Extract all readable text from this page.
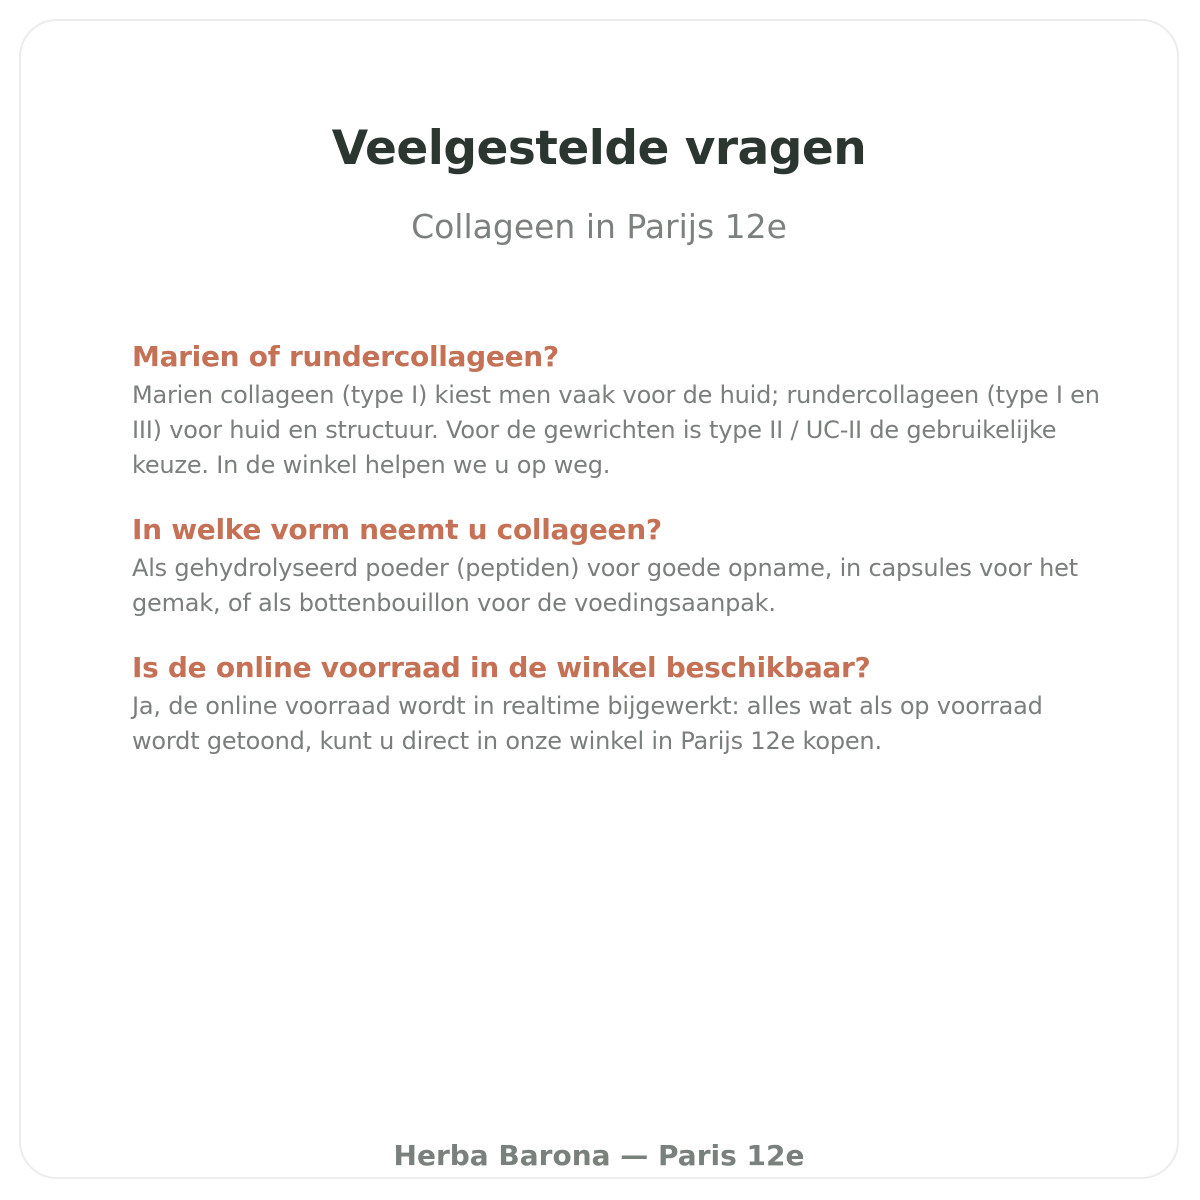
Veelgestelde vragen
Collageen in Parijs 12e
Marien of rundercollageen?

Marien collageen (type I) kiest men vaak voor de huid; rundercollageen (type I en III) voor huid en structuur. Voor de gewrichten is type II / UC-II de gebruikelijke keuze. In de winkel helpen we u op weg.

In welke vorm neemt u collageen?

Als gehydrolyseerd poeder (peptiden) voor goede opname, in capsules voor het gemak, of als bottenbouillon voor de voedingsaanpak.

Is de online voorraad in de winkel beschikbaar?

Ja, de online voorraad wordt in realtime bijgewerkt: alles wat als op voorraad wordt getoond, kunt u direct in onze winkel in Parijs 12e kopen.

Herba Barona — Paris 12e
